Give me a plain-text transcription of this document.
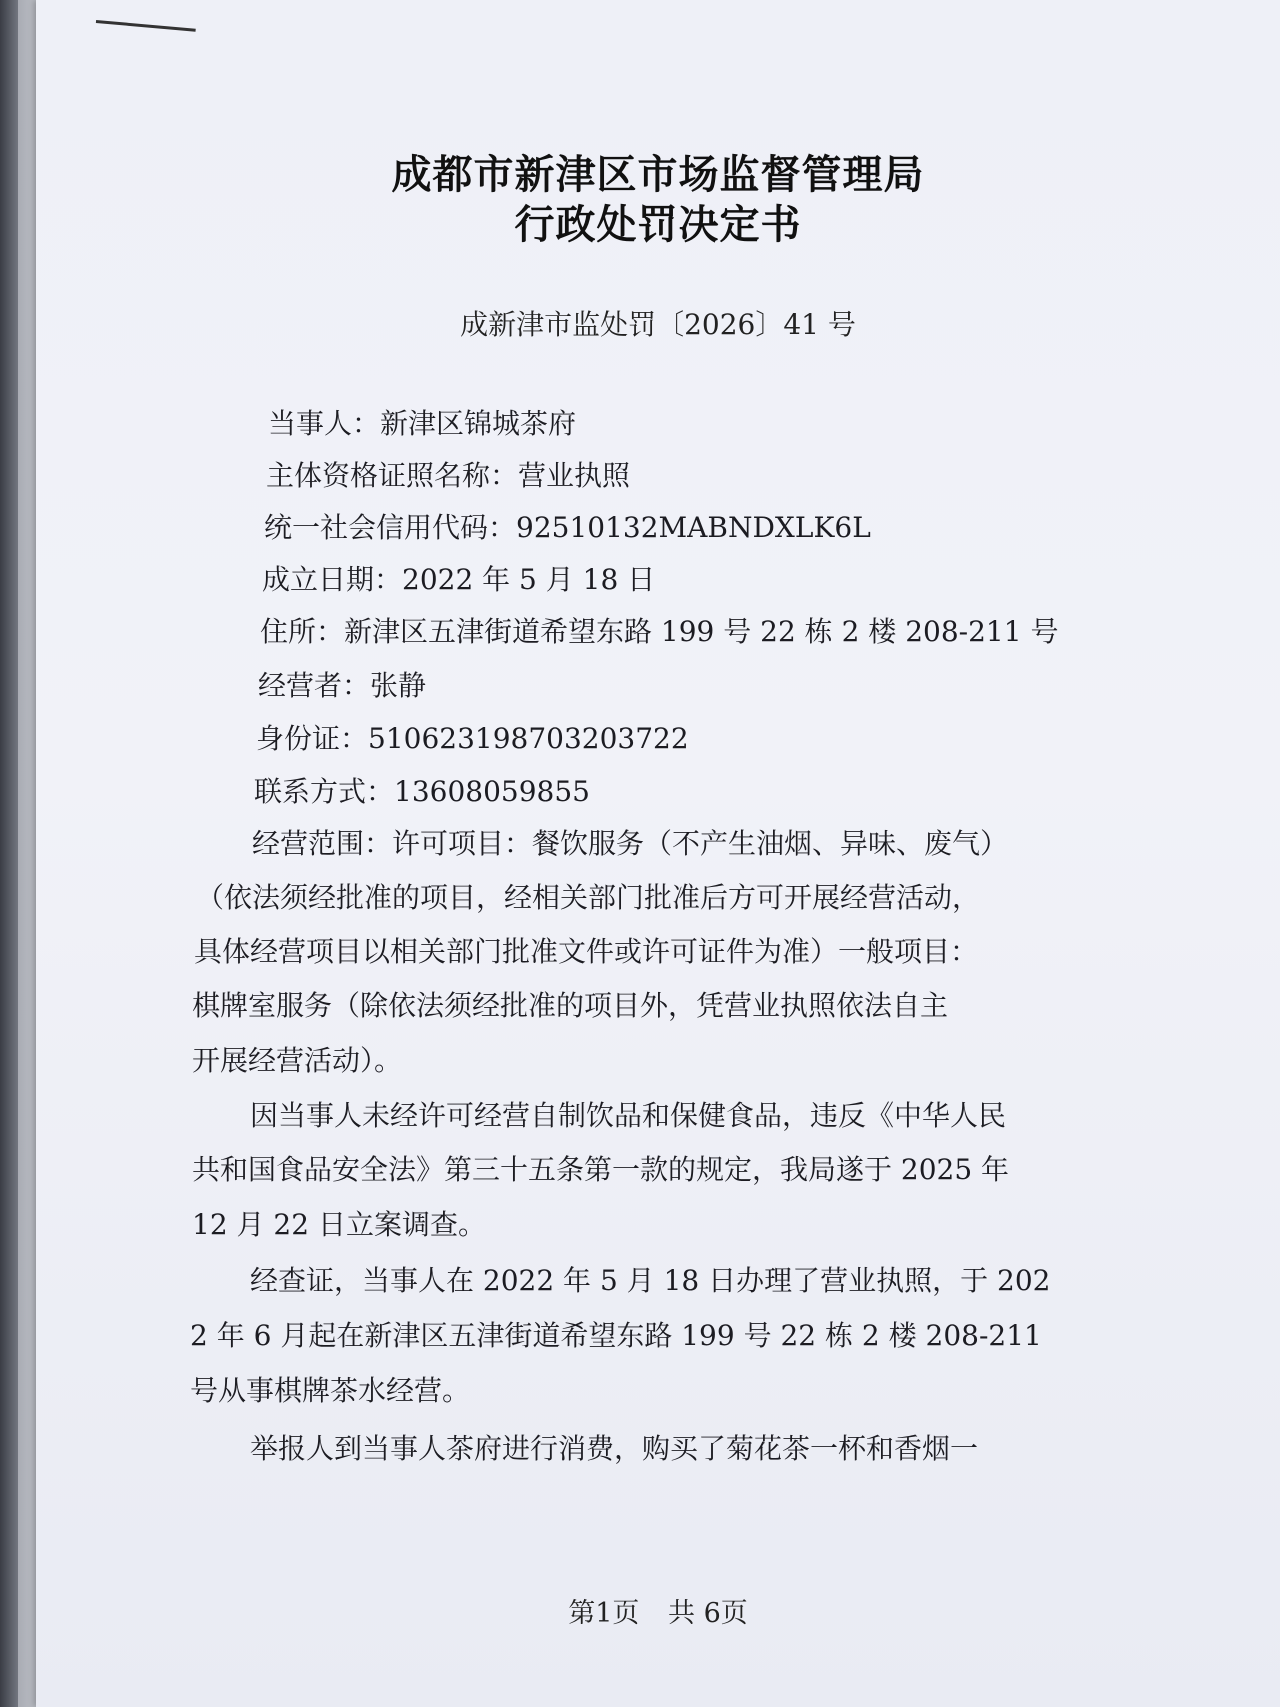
成都市新津区市场监督管理局
行政处罚决定书
成新津市监处罚〔2026〕41 号
当事人：新津区锦城茶府
主体资格证照名称：营业执照
统一社会信用代码：92510132MABNDXLK6L
成立日期：2022 年 5 月 18 日
住所：新津区五津街道希望东路 199 号 22 栋 2 楼 208-211 号
经营者：张静
身份证：510623198703203722
联系方式：13608059855
经营范围：许可项目：餐饮服务（不产生油烟、异味、废气）
（依法须经批准的项目，经相关部门批准后方可开展经营活动，
具体经营项目以相关部门批准文件或许可证件为准）一般项目：
棋牌室服务（除依法须经批准的项目外，凭营业执照依法自主
开展经营活动）。
因当事人未经许可经营自制饮品和保健食品，违反《中华人民
共和国食品安全法》第三十五条第一款的规定，我局遂于 2025 年
12 月 22 日立案调查。
经查证，当事人在 2022 年 5 月 18 日办理了营业执照，于 202
2 年 6 月起在新津区五津街道希望东路 199 号 22 栋 2 楼 208-211
号从事棋牌茶水经营。
举报人到当事人茶府进行消费，购买了菊花茶一杯和香烟一
第1页 共 6页
